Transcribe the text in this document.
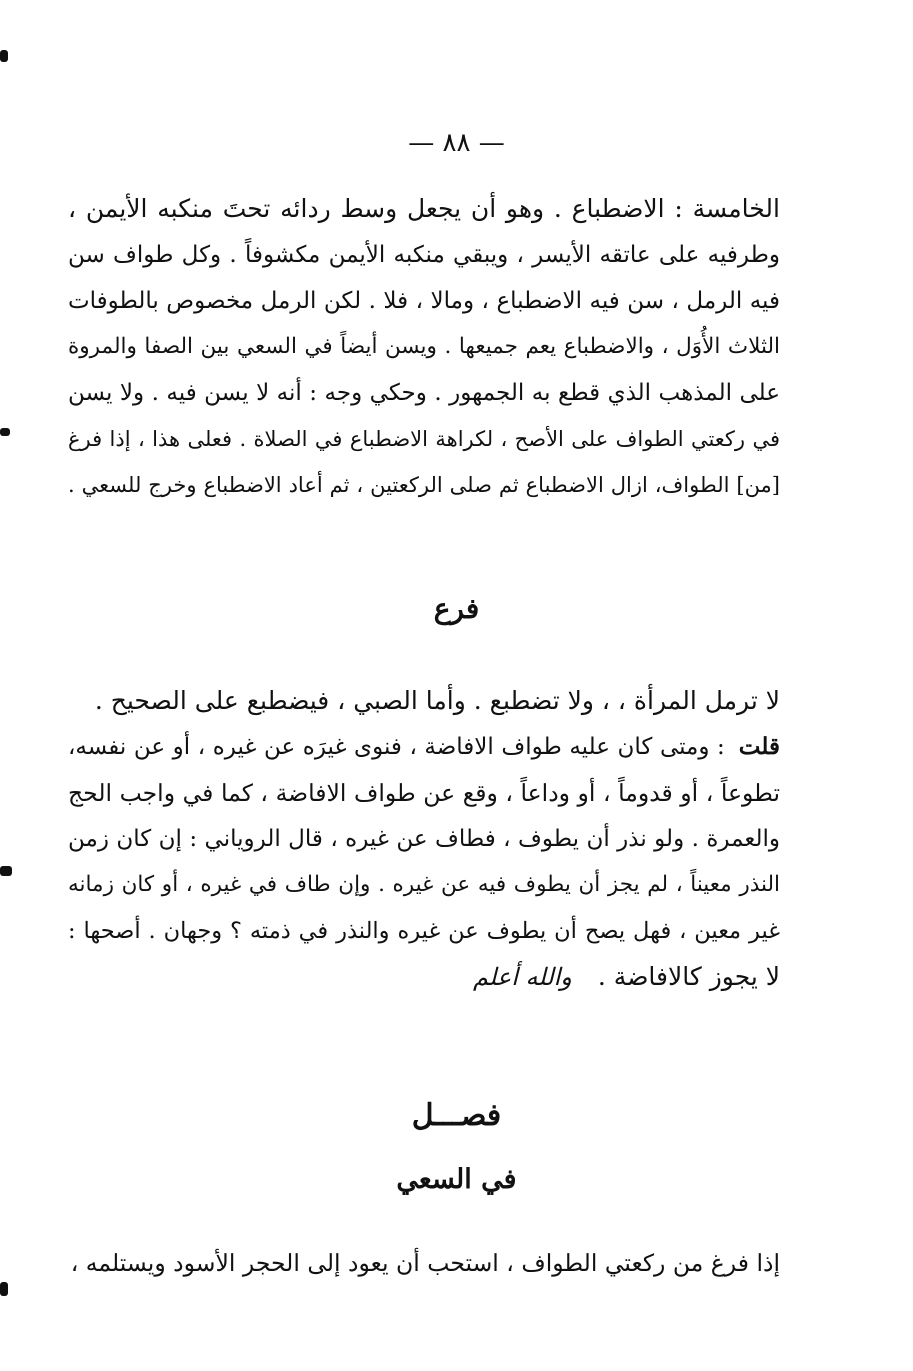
— ٨٨ —
الخامسة : الاضطباع . وهو أن يجعل وسط ردائه تحتَ منكبه الأيمن ،
وطرفيه على عاتقه الأيسر ، ويبقي منكبه الأيمن مكشوفاً . وكل طواف سن
فيه الرمل ، سن فيه الاضطباع ، ومالا ، فلا . لكن الرمل مخصوص بالطوفات
الثلاث الأُوَل ، والاضطباع يعم جميعها . ويسن أيضاً في السعي بين الصفا والمروة
على المذهب الذي قطع به الجمهور . وحكي وجه : أنه لا يسن فيه . ولا يسن
في ركعتي الطواف على الأصح ، لكراهة الاضطباع في الصلاة . فعلى هذا ، إذا فرغ
[من] الطواف، ازال الاضطباع ثم صلى الركعتين ، ثم أعاد الاضطباع وخرج للسعي .
فرع
لا ترمل المرأة ، ، ولا تضطبع . وأما الصبي ، فيضطبع على الصحيح .
قلت: ومتى كان عليه طواف الافاضة ، فنوى غيرَه عن غيره ، أو عن نفسه،
تطوعاً ، أو قدوماً ، أو وداعاً ، وقع عن طواف الافاضة ، كما في واجب الحج
والعمرة . ولو نذر أن يطوف ، فطاف عن غيره ، قال الروياني : إن كان زمن
النذر معيناً ، لم يجز أن يطوف فيه عن غيره . وإن طاف في غيره ، أو كان زمانه
غير معين ، فهل يصح أن يطوف عن غيره والنذر في ذمته ؟ وجهان . أصحها :
لا يجوز كالافاضة .والله أعلم
فصـــل
في السعي
إذا فرغ من ركعتي الطواف ، استحب أن يعود إلى الحجر الأسود ويستلمه ،
